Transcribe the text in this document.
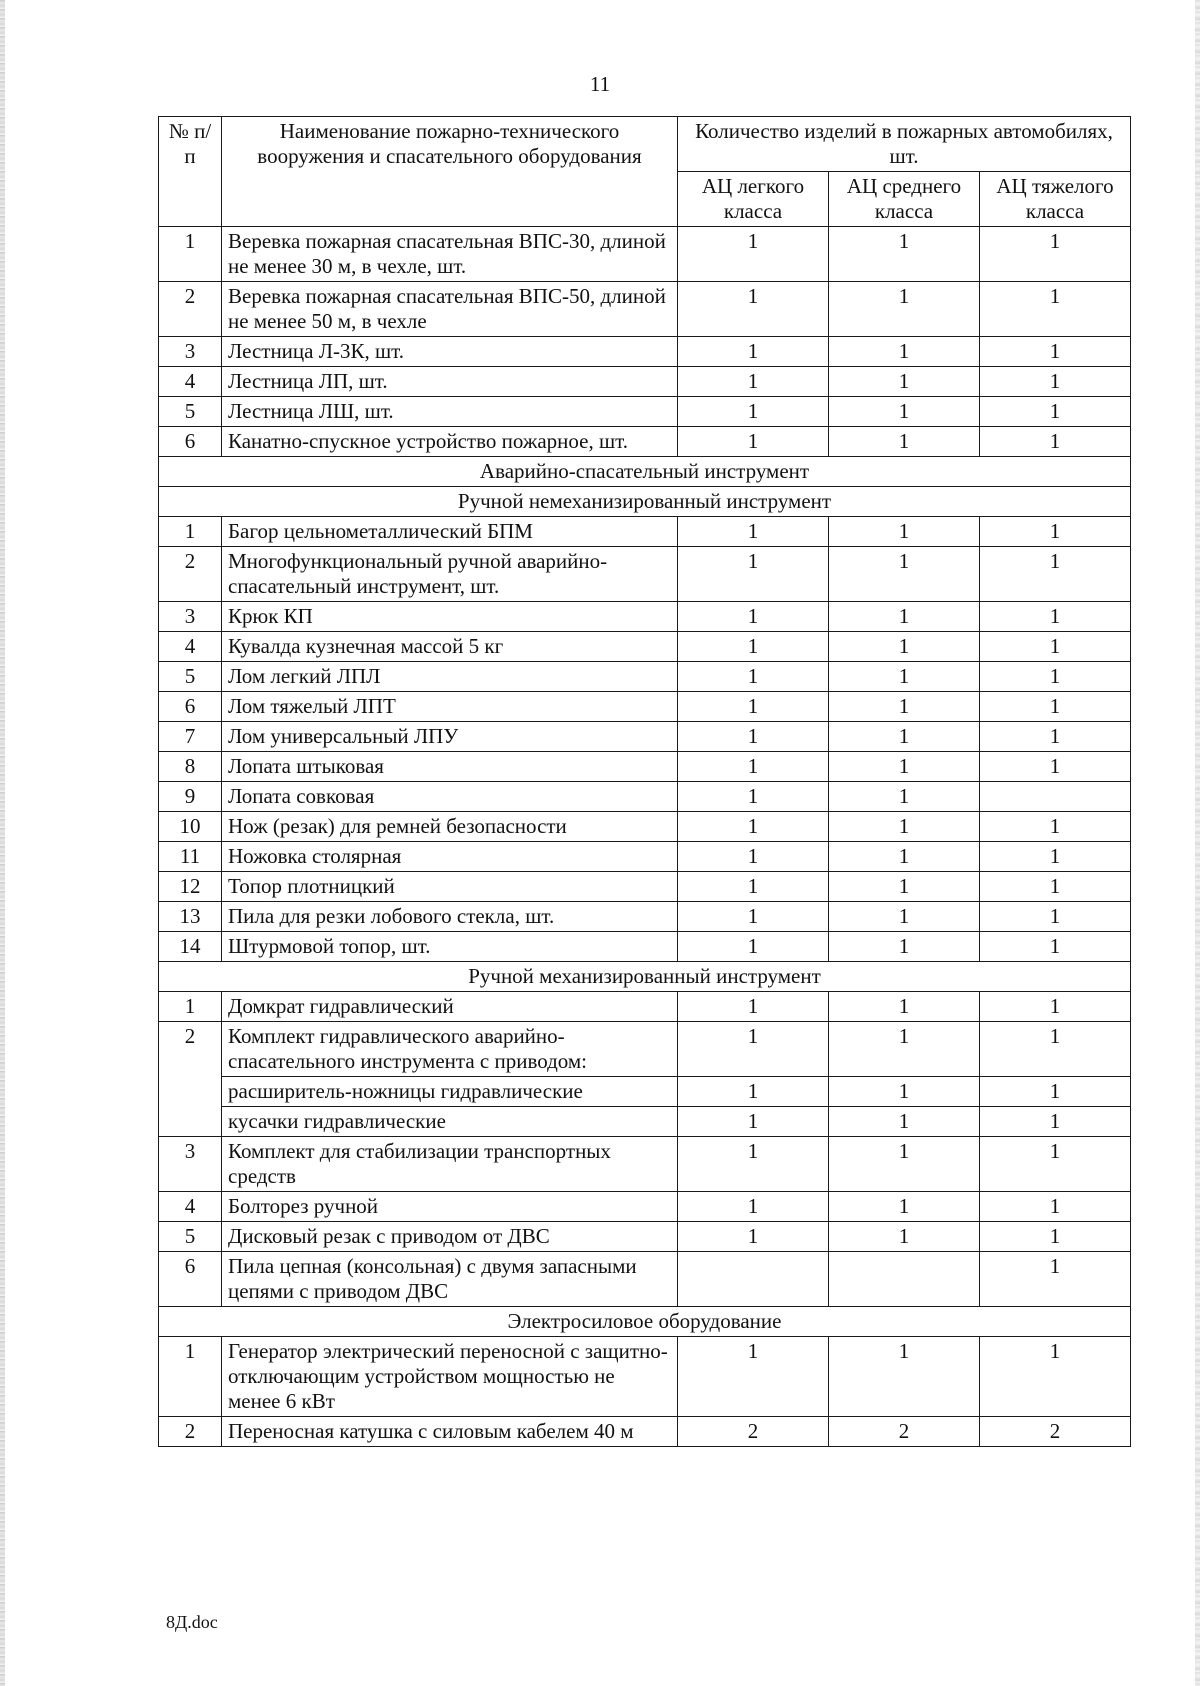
11
№ п/п	Наименование пожарно-технического вооружения и спасательного оборудования	Количество изделий в пожарных автомобилях, шт.		
		АЦ легкого класса	АЦ среднего класса	АЦ тяжелого класса
1	Веревка пожарная спасательная ВПС-30, длиной не менее 30 м, в чехле, шт.	1	1	1
2	Веревка пожарная спасательная ВПС-50, длиной не менее 50 м, в чехле	1	1	1
3	Лестница Л-3К, шт.	1	1	1
4	Лестница ЛП, шт.	1	1	1
5	Лестница ЛШ, шт.	1	1	1
6	Канатно-спускное устройство пожарное, шт.	1	1	1
Аварийно-спасательный инструмент				
Ручной немеханизированный инструмент				
1	Багор цельнометаллический БПМ	1	1	1
2	Многофункциональный ручной аварийно-спасательный инструмент, шт.	1	1	1
3	Крюк КП	1	1	1
4	Кувалда кузнечная массой 5 кг	1	1	1
5	Лом легкий ЛПЛ	1	1	1
6	Лом тяжелый ЛПТ	1	1	1
7	Лом универсальный ЛПУ	1	1	1
8	Лопата штыковая	1	1	1
9	Лопата совковая	1	1	
10	Нож (резак) для ремней безопасности	1	1	1
11	Ножовка столярная	1	1	1
12	Топор плотницкий	1	1	1
13	Пила для резки лобового стекла, шт.	1	1	1
14	Штурмовой топор, шт.	1	1	1
Ручной механизированный инструмент				
1	Домкрат гидравлический	1	1	1
2	Комплект гидравлического аварийно-спасательного инструмента с приводом:	1	1	1
	расширитель-ножницы гидравлические	1	1	1
	кусачки гидравлические	1	1	1
3	Комплект для стабилизации транспортных средств	1	1	1
4	Болторез ручной	1	1	1
5	Дисковый резак с приводом от ДВС	1	1	1
6	Пила цепная (консольная) с двумя запасными цепями с приводом ДВС			1
Электросиловое оборудование				
1	Генератор электрический переносной с защитно-отключающим устройством мощностью не менее 6 кВт	1	1	1
2	Переносная катушка с силовым кабелем 40 м	2	2	2
8Д.doc
